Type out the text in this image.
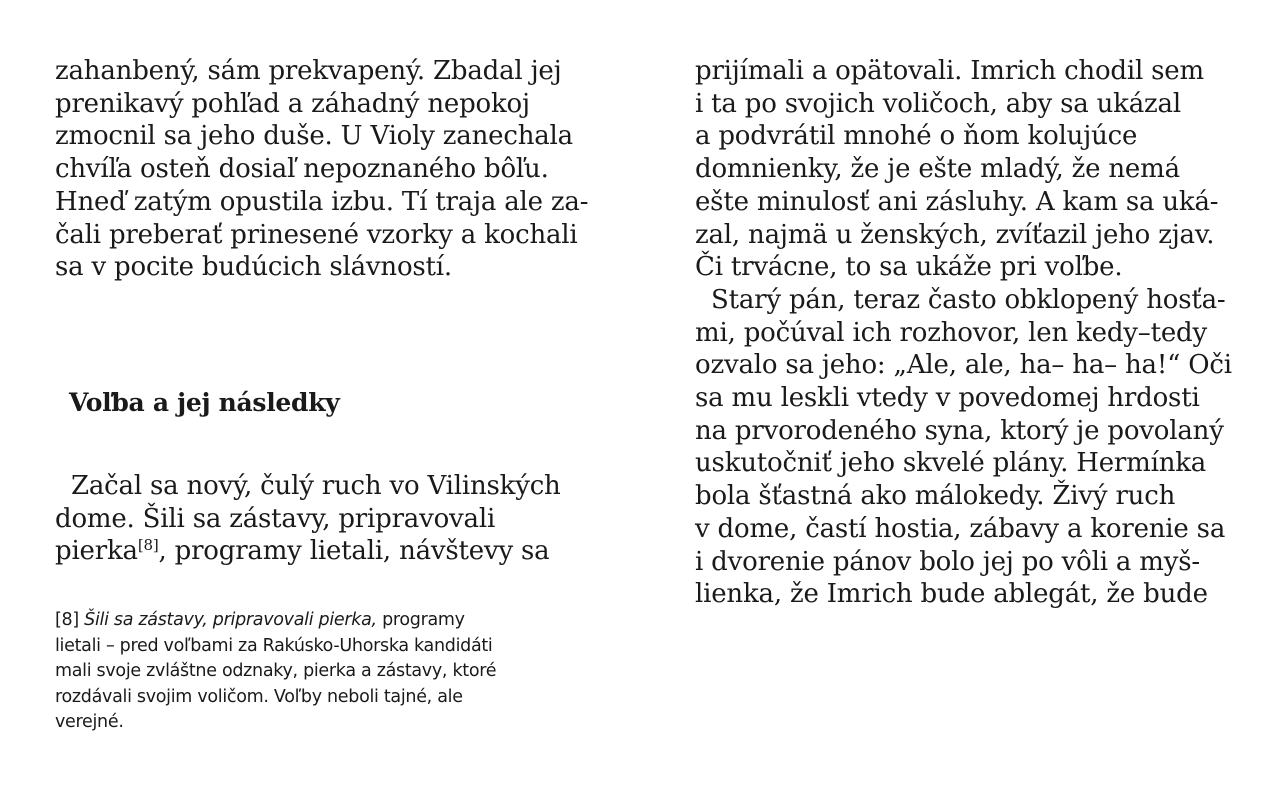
zahanbený, sám prekvapený. Zbadal jej
prenikavý pohľad a záhadný nepokoj
zmocnil sa jeho duše. U Violy zanechala
chvíľa osteň dosiaľ nepoznaného bôľu.
Hneď zatým opustila izbu. Tí traja ale za-
čali preberať prinesené vzorky a kochali
sa v pocite budúcich slávností.
Voľba a jej následky
Začal sa nový, čulý ruch vo Vilinských
dome. Šili sa zástavy, pripravovali
pierka[8], programy lietali, návštevy sa
[8] Šili sa zástavy, pripravovali pierka, programy
lietali – pred voľbami za Rakúsko-Uhorska kandidáti
mali svoje zvláštne odznaky, pierka a zástavy, ktoré
rozdávali svojim voličom. Voľby neboli tajné, ale
verejné.
prijímali a opätovali. Imrich chodil sem
i ta po svojich voličoch, aby sa ukázal
a podvrátil mnohé o ňom kolujúce
domnienky, že je ešte mladý, že nemá
ešte minulosť ani zásluhy. A kam sa uká-
zal, najmä u ženských, zvíťazil jeho zjav.
Či trvácne, to sa ukáže pri voľbe.
Starý pán, teraz často obklopený hosťa-
mi, počúval ich rozhovor, len kedy–tedy
ozvalo sa jeho: „Ale, ale, ha– ha– ha!“ Oči
sa mu leskli vtedy v povedomej hrdosti
na prvorodeného syna, ktorý je povolaný
uskutočniť jeho skvelé plány. Hermínka
bola šťastná ako málokedy. Živý ruch
v dome, častí hostia, zábavy a korenie sa
i dvorenie pánov bolo jej po vôli a myš-
lienka, že Imrich bude ablegát, že bude
